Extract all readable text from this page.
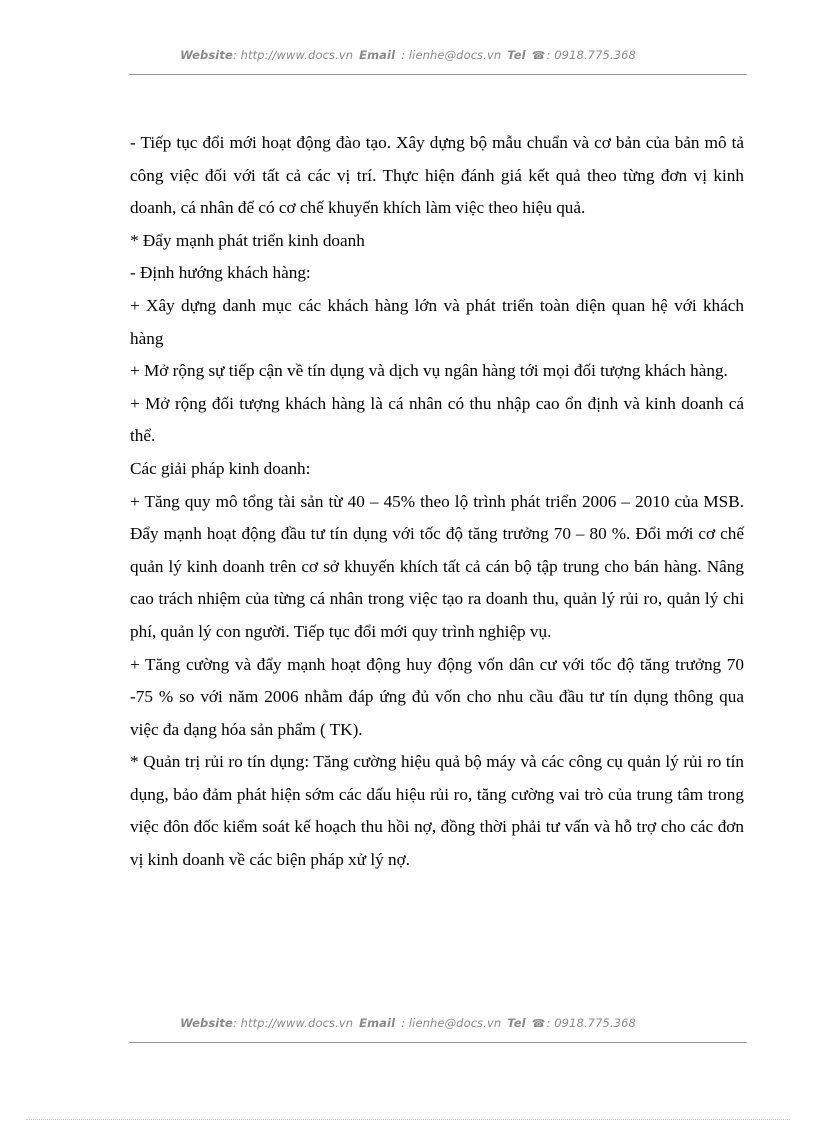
Website: http://www.docs.vn Email : lienhe@docs.vn Tel ☎: 0918.775.368

- Tiếp tục đổi mới hoạt động đào tạo. Xây dựng bộ mẫu chuẩn và cơ bản của bản mô tả công việc đối với tất cả các vị trí. Thực hiện đánh giá kết quả theo từng đơn vị kinh doanh, cá nhân để có cơ chế khuyến khích làm việc theo hiệu quả.

* Đẩy mạnh phát triển kinh doanh

- Định hướng khách hàng:

+ Xây dựng danh mục các khách hàng lớn và phát triển toàn diện quan hệ với khách hàng

+ Mở rộng sự tiếp cận về tín dụng và dịch vụ ngân hàng tới mọi đối tượng khách hàng.

+ Mở rộng đối tượng khách hàng là cá nhân có thu nhập cao ổn định và kinh doanh cá thể.

Các giải pháp kinh doanh:

+ Tăng quy mô tổng tài sản từ 40 – 45% theo lộ trình phát triển 2006 – 2010 của MSB. Đẩy mạnh hoạt động đầu tư tín dụng với tốc độ tăng trưởng 70 – 80 %. Đổi mới cơ chế quản lý kinh doanh trên cơ sở khuyến khích tất cả cán bộ tập trung cho bán hàng. Nâng cao trách nhiệm của từng cá nhân trong việc tạo ra doanh thu, quản lý rủi ro, quản lý chi phí, quản lý con người. Tiếp tục đổi mới quy trình nghiệp vụ.

+ Tăng cường và đẩy mạnh hoạt động huy động vốn dân cư với tốc độ tăng trưởng 70 -75 % so với năm 2006 nhằm đáp ứng đủ vốn cho nhu cầu đầu tư tín dụng thông qua việc đa dạng hóa sản phẩm ( TK).

* Quản trị rủi ro tín dụng: Tăng cường hiệu quả bộ máy và các công cụ quản lý rủi ro tín dụng, bảo đảm phát hiện sớm các dấu hiệu rủi ro, tăng cường vai trò của trung tâm trong việc đôn đốc kiểm soát kế hoạch thu hồi nợ, đồng thời phải tư vấn và hỗ trợ cho các đơn vị kinh doanh về các biện pháp xử lý nợ.

Website: http://www.docs.vn Email : lienhe@docs.vn Tel ☎: 0918.775.368
